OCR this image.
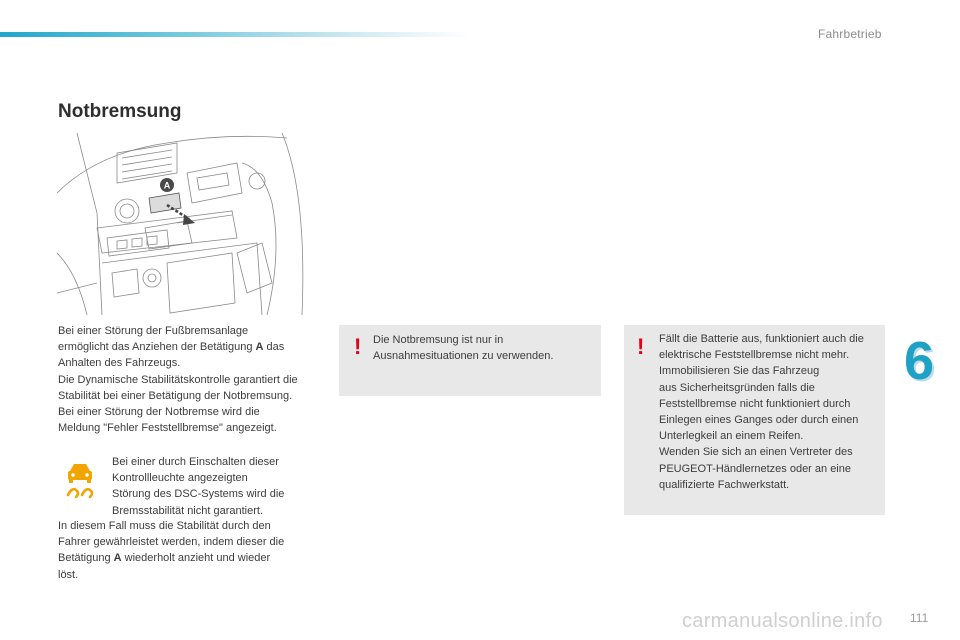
Fahrbetrieb
Notbremsung
A
Bei einer Störung der Fußbremsanlage
ermöglicht das Anziehen der Betätigung A das
Anhalten des Fahrzeugs.
Die Dynamische Stabilitätskontrolle garantiert die
Stabilität bei einer Betätigung der Notbremsung.
Bei einer Störung der Notbremse wird die
Meldung "Fehler Feststellbremse" angezeigt.
Bei einer durch Einschalten dieser
Kontrollleuchte angezeigten
Störung des DSC-Systems wird die
Bremsstabilität nicht garantiert.
In diesem Fall muss die Stabilität durch den
Fahrer gewährleistet werden, indem dieser die
Betätigung A wiederholt anzieht und wieder
löst.
! Die Notbremsung ist nur in
Ausnahmesituationen zu verwenden.	! Fällt die Batterie aus, funktioniert auch die
elektrische Feststellbremse nicht mehr.
Immobilisieren Sie das Fahrzeug
aus Sicherheitsgründen falls die
Feststellbremse nicht funktioniert durch
Einlegen eines Ganges oder durch einen
Unterlegkeil an einem Reifen.
Wenden Sie sich an einen Vertreter des
PEUGEOT-Händlernetzes oder an eine
qualifizierte Fachwerkstatt.
6
carmanualsonline.info 111
